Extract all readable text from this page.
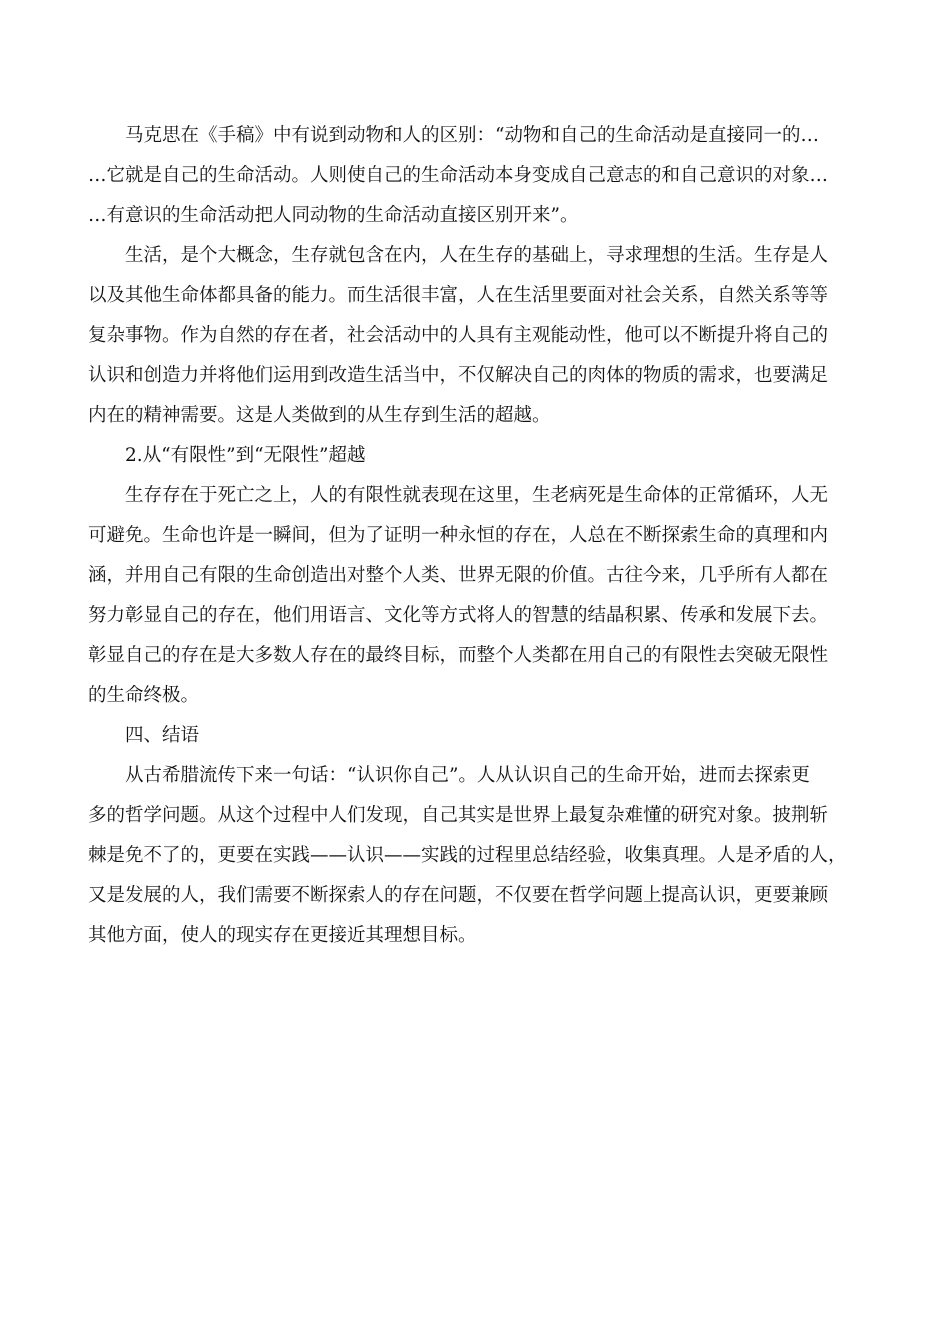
马克思在《手稿》中有说到动物和人的区别：“动物和自己的生命活动是直接同一的…
…它就是自己的生命活动。人则使自己的生命活动本身变成自己意志的和自己意识的对象…
…有意识的生命活动把人同动物的生命活动直接区别开来”。
生活，是个大概念，生存就包含在内，人在生存的基础上，寻求理想的生活。生存是人
以及其他生命体都具备的能力。而生活很丰富，人在生活里要面对社会关系，自然关系等等
复杂事物。作为自然的存在者，社会活动中的人具有主观能动性，他可以不断提升将自己的
认识和创造力并将他们运用到改造生活当中，不仅解决自己的肉体的物质的需求，也要满足
内在的精神需要。这是人类做到的从生存到生活的超越。
2.从“有限性”到“无限性”超越
生存存在于死亡之上，人的有限性就表现在这里，生老病死是生命体的正常循环，人无
可避免。生命也许是一瞬间，但为了证明一种永恒的存在，人总在不断探索生命的真理和内
涵，并用自己有限的生命创造出对整个人类、世界无限的价值。古往今来，几乎所有人都在
努力彰显自己的存在，他们用语言、文化等方式将人的智慧的结晶积累、传承和发展下去。
彰显自己的存在是大多数人存在的最终目标，而整个人类都在用自己的有限性去突破无限性
的生命终极。
四、结语
从古希腊流传下来一句话：“认识你自己”。人从认识自己的生命开始，进而去探索更
多的哲学问题。从这个过程中人们发现，自己其实是世界上最复杂难懂的研究对象。披荆斩
棘是免不了的，更要在实践——认识——实践的过程里总结经验，收集真理。人是矛盾的人，
又是发展的人，我们需要不断探索人的存在问题，不仅要在哲学问题上提高认识，更要兼顾
其他方面，使人的现实存在更接近其理想目标。
